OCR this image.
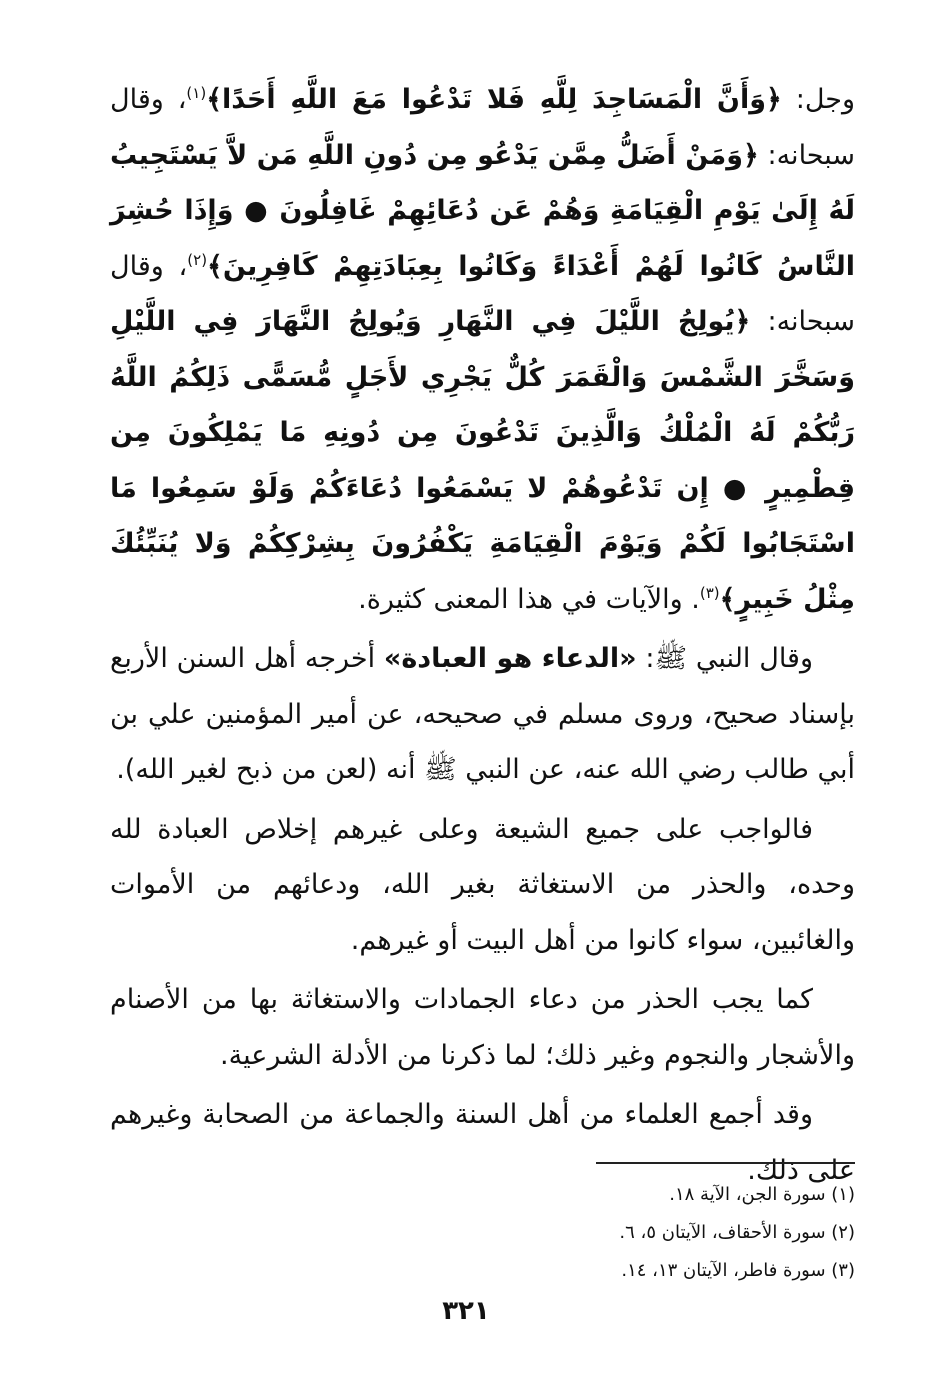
وجل: ﴿وَأَنَّ الْمَسَاجِدَ لِلَّهِ فَلا تَدْعُوا مَعَ اللَّهِ أَحَدًا﴾$^{(١)}$، وقال سبحانه: ﴿وَمَنْ أَضَلُّ مِمَّن يَدْعُو مِن دُونِ اللَّهِ مَن لاَّ يَسْتَجِيبُ لَهُ إِلَىٰ يَوْمِ الْقِيَامَةِ وَهُمْ عَن دُعَائِهِمْ غَافِلُونَ ● وَإِذَا حُشِرَ النَّاسُ كَانُوا لَهُمْ أَعْدَاءً وَكَانُوا بِعِبَادَتِهِمْ كَافِرِينَ﴾$^{(٢)}$، وقال سبحانه: ﴿يُولِجُ اللَّيْلَ فِي النَّهَارِ وَيُولِجُ النَّهَارَ فِي اللَّيْلِ وَسَخَّرَ الشَّمْسَ وَالْقَمَرَ كُلٌّ يَجْرِي لأَجَلٍ مُّسَمًّى ذَلِكُمُ اللَّهُ رَبُّكُمْ لَهُ الْمُلْكُ وَالَّذِينَ تَدْعُونَ مِن دُونِهِ مَا يَمْلِكُونَ مِن قِطْمِيرٍ ● إِن تَدْعُوهُمْ لا يَسْمَعُوا دُعَاءَكُمْ وَلَوْ سَمِعُوا مَا اسْتَجَابُوا لَكُمْ وَيَوْمَ الْقِيَامَةِ يَكْفُرُونَ بِشِرْكِكُمْ وَلا يُنَبِّئُكَ مِثْلُ خَبِيرٍ﴾$^{(٣)}$. والآيات في هذا المعنى كثيرة.

وقال النبي ﷺ: «الدعاء هو العبادة» أخرجه أهل السنن الأربع بإسناد صحيح، وروى مسلم في صحيحه، عن أمير المؤمنين علي بن أبي طالب رضي الله عنه، عن النبي ﷺ أنه (لعن من ذبح لغير الله).

فالواجب على جميع الشيعة وعلى غيرهم إخلاص العبادة لله وحده، والحذر من الاستغاثة بغير الله، ودعائهم من الأموات والغائبين، سواء كانوا من أهل البيت أو غيرهم.

كما يجب الحذر من دعاء الجمادات والاستغاثة بها من الأصنام والأشجار والنجوم وغير ذلك؛ لما ذكرنا من الأدلة الشرعية.

وقد أجمع العلماء من أهل السنة والجماعة من الصحابة وغيرهم على ذلك.

(١) سورة الجن، الآية ١٨.

(٢) سورة الأحقاف، الآيتان ٥، ٦.

(٣) سورة فاطر، الآيتان ١٣، ١٤.

٣٢١
